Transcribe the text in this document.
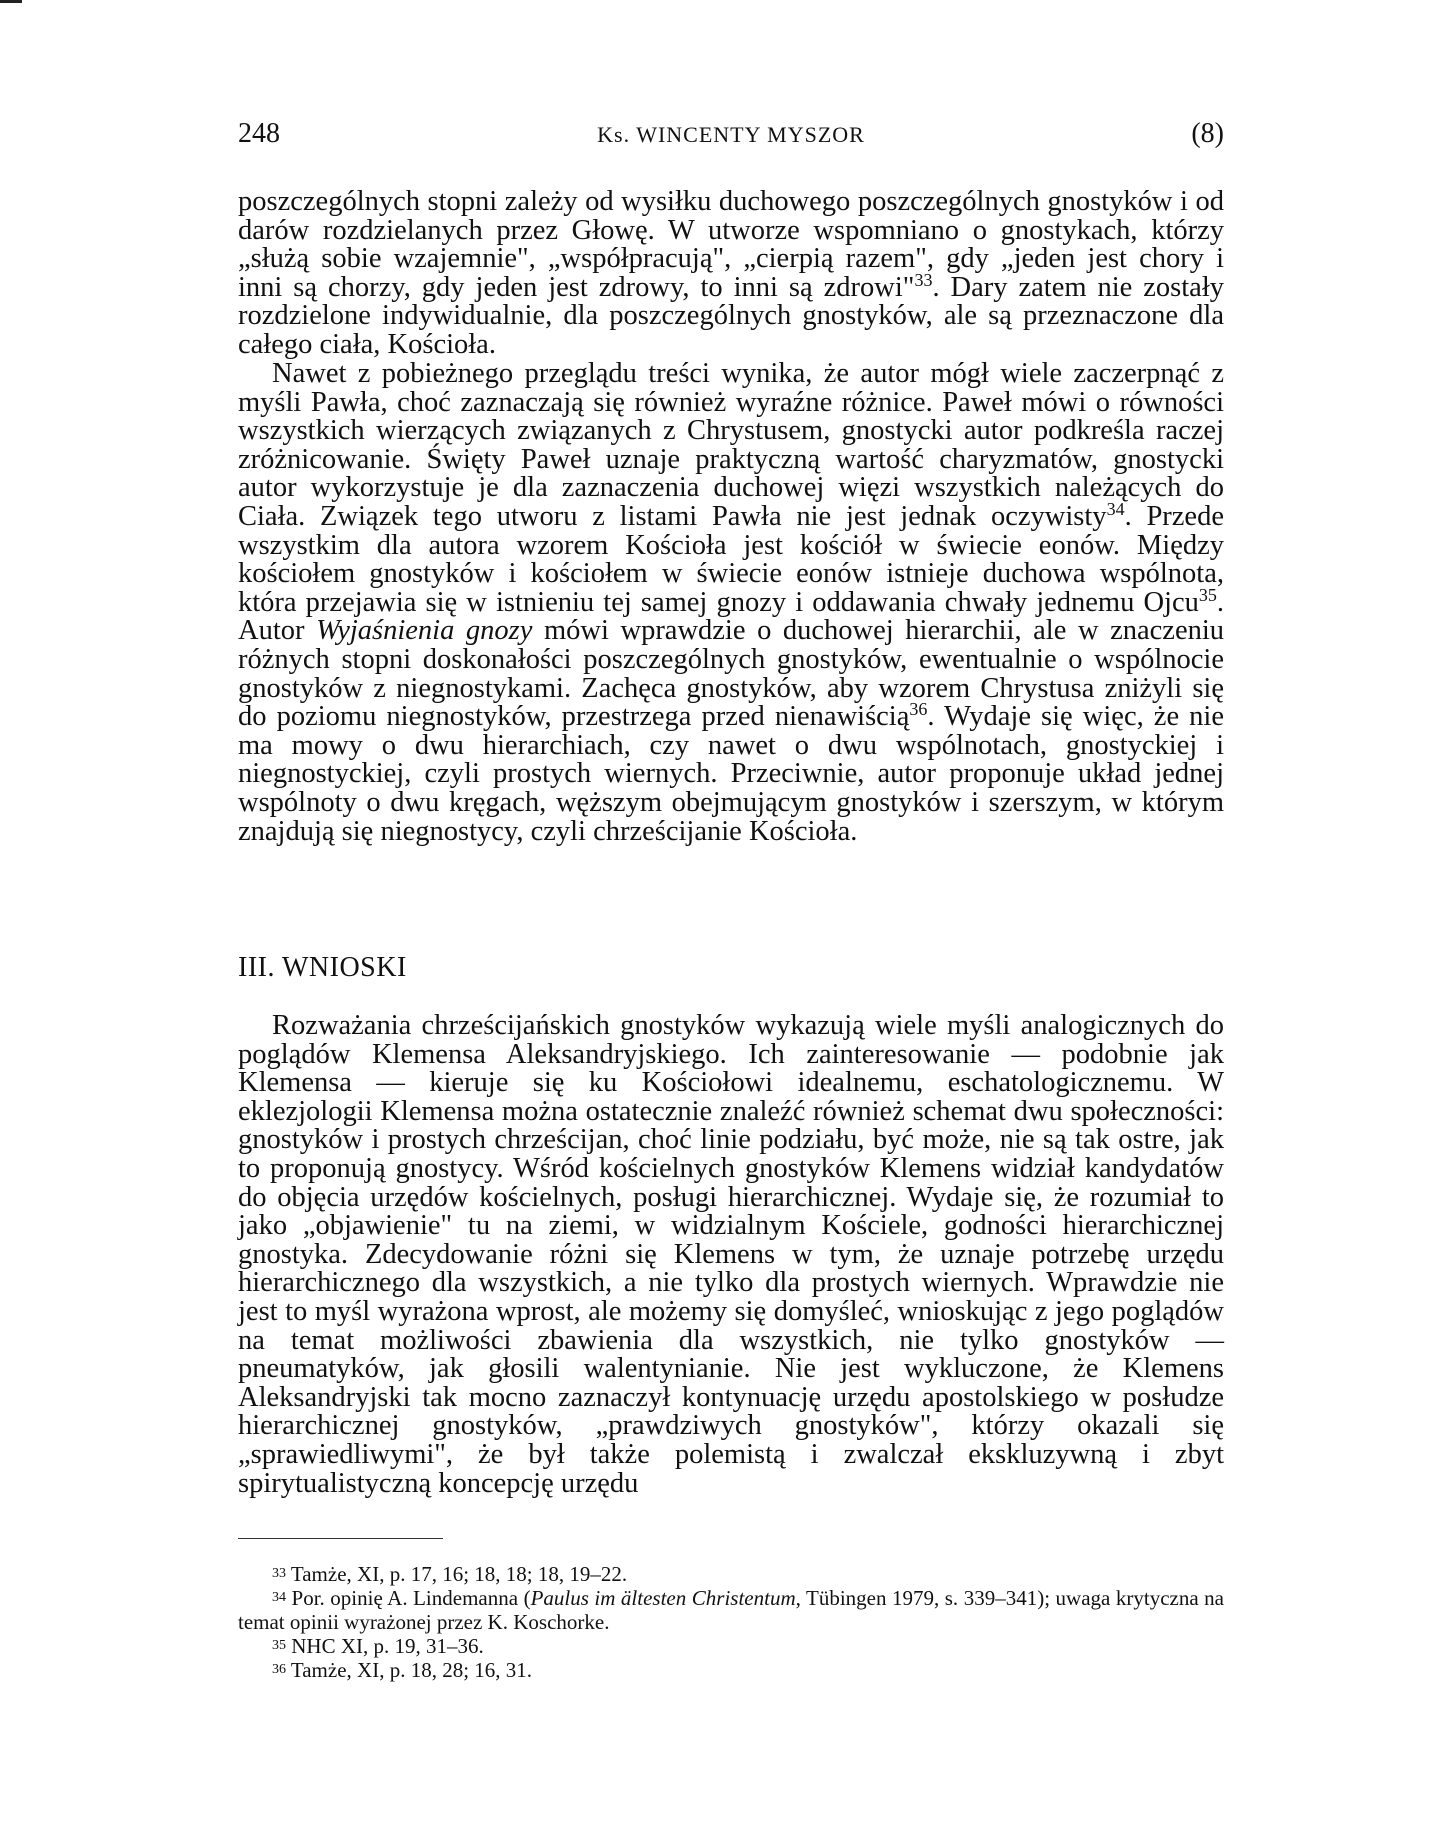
248	Ks. WINCENTY MYSZOR	(8)

poszczególnych stopni zależy od wysiłku duchowego poszczególnych gnostyków i od darów rozdzielanych przez Głowę. W utworze wspomniano o gnostykach, którzy „służą sobie wzajemnie", „współpracują", „cierpią razem", gdy „jeden jest chory i inni są chorzy, gdy jeden jest zdrowy, to inni są zdrowi"$^{33}$. Dary zatem nie zostały rozdzielone indywidualnie, dla poszczególnych gnostyków, ale są przeznaczone dla całego ciała, Kościoła.

Nawet z pobieżnego przeglądu treści wynika, że autor mógł wiele zaczerpnąć z myśli Pawła, choć zaznaczają się również wyraźne różnice. Paweł mówi o równości wszystkich wierzących związanych z Chrystusem, gnostycki autor podkreśla raczej zróżnicowanie. Święty Paweł uznaje praktyczną wartość charyzmatów, gnostycki autor wykorzystuje je dla zaznaczenia duchowej więzi wszystkich należących do Ciała. Związek tego utworu z listami Pawła nie jest jednak oczywisty$^{34}$. Przede wszystkim dla autora wzorem Kościoła jest kościół w świecie eonów. Między kościołem gnostyków i kościołem w świecie eonów istnieje duchowa wspólnota, która przejawia się w istnieniu tej samej gnozy i oddawania chwały jednemu Ojcu$^{35}$. Autor Wyjaśnienia gnozy mówi wprawdzie o duchowej hierarchii, ale w znaczeniu różnych stopni doskonałości poszczególnych gnostyków, ewentualnie o wspólnocie gnostyków z niegnostykami. Zachęca gnostyków, aby wzorem Chrystusa zniżyli się do poziomu niegnostyków, przestrzega przed nienawiścią$^{36}$. Wydaje się więc, że nie ma mowy o dwu hierarchiach, czy nawet o dwu wspólnotach, gnostyckiej i niegnostyckiej, czyli prostych wiernych. Przeciwnie, autor proponuje układ jednej wspólnoty o dwu kręgach, węższym obejmującym gnostyków i szerszym, w którym znajdują się niegnostycy, czyli chrześcijanie Kościoła.

III. WNIOSKI

Rozważania chrześcijańskich gnostyków wykazują wiele myśli analogicznych do poglądów Klemensa Aleksandryjskiego. Ich zainteresowanie — podobnie jak Klemensa — kieruje się ku Kościołowi idealnemu, eschatologicznemu. W eklezjologii Klemensa można ostatecznie znaleźć również schemat dwu społeczności: gnostyków i prostych chrześcijan, choć linie podziału, być może, nie są tak ostre, jak to proponują gnostycy. Wśród kościelnych gnostyków Klemens widział kandydatów do objęcia urzędów kościelnych, posługi hierarchicznej. Wydaje się, że rozumiał to jako „objawienie" tu na ziemi, w widzialnym Kościele, godności hierarchicznej gnostyka. Zdecydowanie różni się Klemens w tym, że uznaje potrzebę urzędu hierarchicznego dla wszystkich, a nie tylko dla prostych wiernych. Wprawdzie nie jest to myśl wyrażona wprost, ale możemy się domyśleć, wnioskując z jego poglądów na temat możliwości zbawienia dla wszystkich, nie tylko gnostyków — pneumatyków, jak głosili walentynianie. Nie jest wykluczone, że Klemens Aleksandryjski tak mocno zaznaczył kontynuację urzędu apostolskiego w posłudze hierarchicznej gnostyków, „prawdziwych gnostyków", którzy okazali się „sprawiedliwymi", że był także polemistą i zwalczał ekskluzywną i zbyt spirytualistyczną koncepcję urzędu

$^{33}$ Tamże, XI, p. 17, 16; 18, 18; 18, 19–22.
$^{34}$ Por. opinię A. Lindemanna (Paulus im ältesten Christentum, Tübingen 1979, s. 339–341); uwaga krytyczna na temat opinii wyrażonej przez K. Koschorke.
$^{35}$ NHC XI, p. 19, 31–36.
$^{36}$ Tamże, XI, p. 18, 28; 16, 31.
